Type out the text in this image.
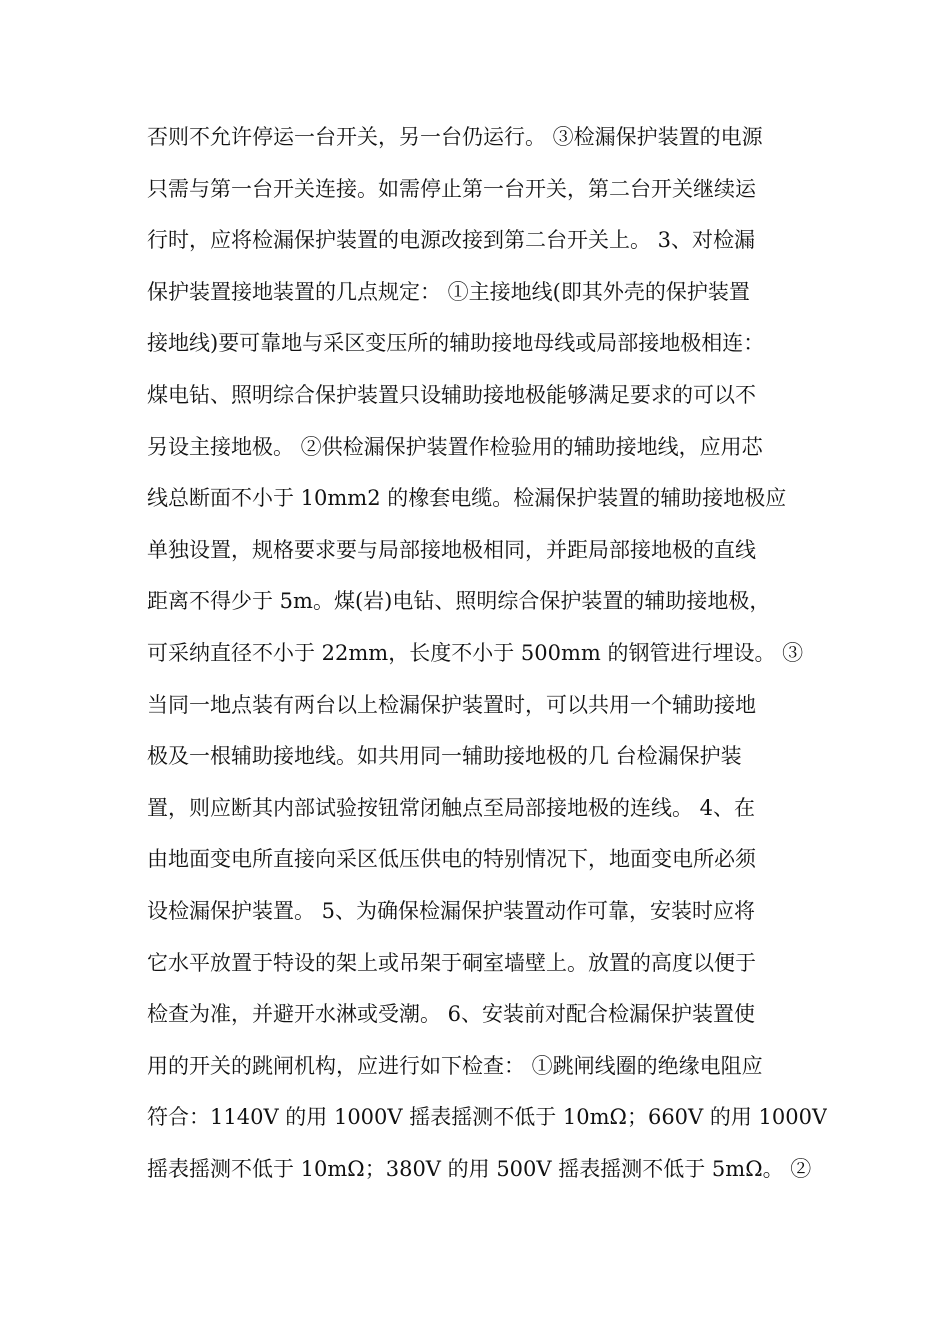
否则不允许停运一台开关，另一台仍运行。 ③检漏保护装置的电源
只需与第一台开关连接。如需停止第一台开关，第二台开关继续运
行时，应将检漏保护装置的电源改接到第二台开关上。 3、对检漏
保护装置接地装置的几点规定： ①主接地线(即其外壳的保护装置
接地线)要可靠地与采区变压所的辅助接地母线或局部接地极相连：
煤电钻、照明综合保护装置只设辅助接地极能够满足要求的可以不
另设主接地极。 ②供检漏保护装置作检验用的辅助接地线，应用芯
线总断面不小于 10mm2 的橡套电缆。检漏保护装置的辅助接地极应
单独设置，规格要求要与局部接地极相同，并距局部接地极的直线
距离不得少于 5m。煤(岩)电钻、照明综合保护装置的辅助接地极，
可采纳直径不小于 22mm，长度不小于 500mm 的钢管进行埋设。 ③
当同一地点装有两台以上检漏保护装置时，可以共用一个辅助接地
极及一根辅助接地线。如共用同一辅助接地极的几 台检漏保护装
置，则应断其内部试验按钮常闭触点至局部接地极的连线。 4、在
由地面变电所直接向采区低压供电的特别情况下，地面变电所必须
设检漏保护装置。 5、为确保检漏保护装置动作可靠，安装时应将
它水平放置于特设的架上或吊架于硐室墙壁上。放置的高度以便于
检查为准，并避开水淋或受潮。 6、安装前对配合检漏保护装置使
用的开关的跳闸机构，应进行如下检查： ①跳闸线圈的绝缘电阻应
符合：1140V 的用 1000V 摇表摇测不低于 10mΩ；660V 的用 1000V
摇表摇测不低于 10mΩ；380V 的用 500V 摇表摇测不低于 5mΩ。 ②
